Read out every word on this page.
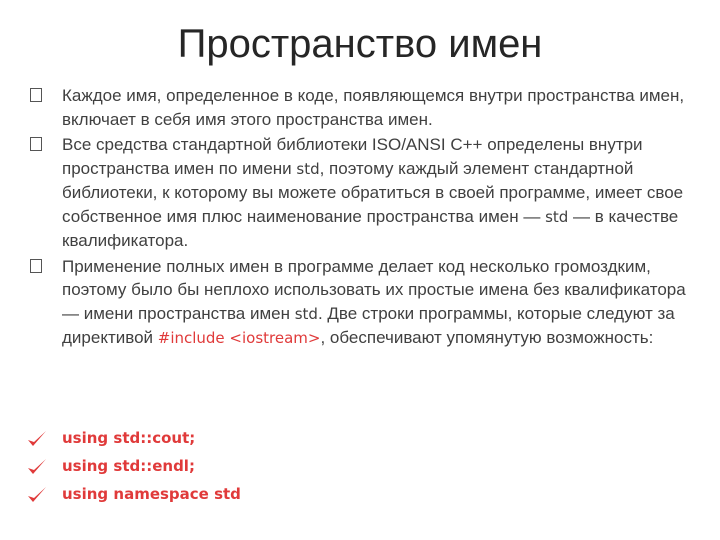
Пространство имен
Каждое имя, определенное в коде, появляющемся внутри пространства имен, включает в себя имя этого пространства имен.
Все средства стандартной библиотеки ISO/ANSI C++ определены внутри пространства имен по имени std, поэтому каждый элемент стандартной библиотеки, к которому вы можете обратиться в своей программе, имеет свое собственное имя плюс наименование пространства имен — std — в качестве квалификатора.
Применение полных имен в программе делает код несколько громоздким, поэтому было бы неплохо использовать их простые имена без квалификатора — имени пространства имен std. Две строки программы, которые следуют за директивой #include <iostream>, обеспечивают упомянутую возможность:
using std::cout;
using std::endl;
using namespace std
